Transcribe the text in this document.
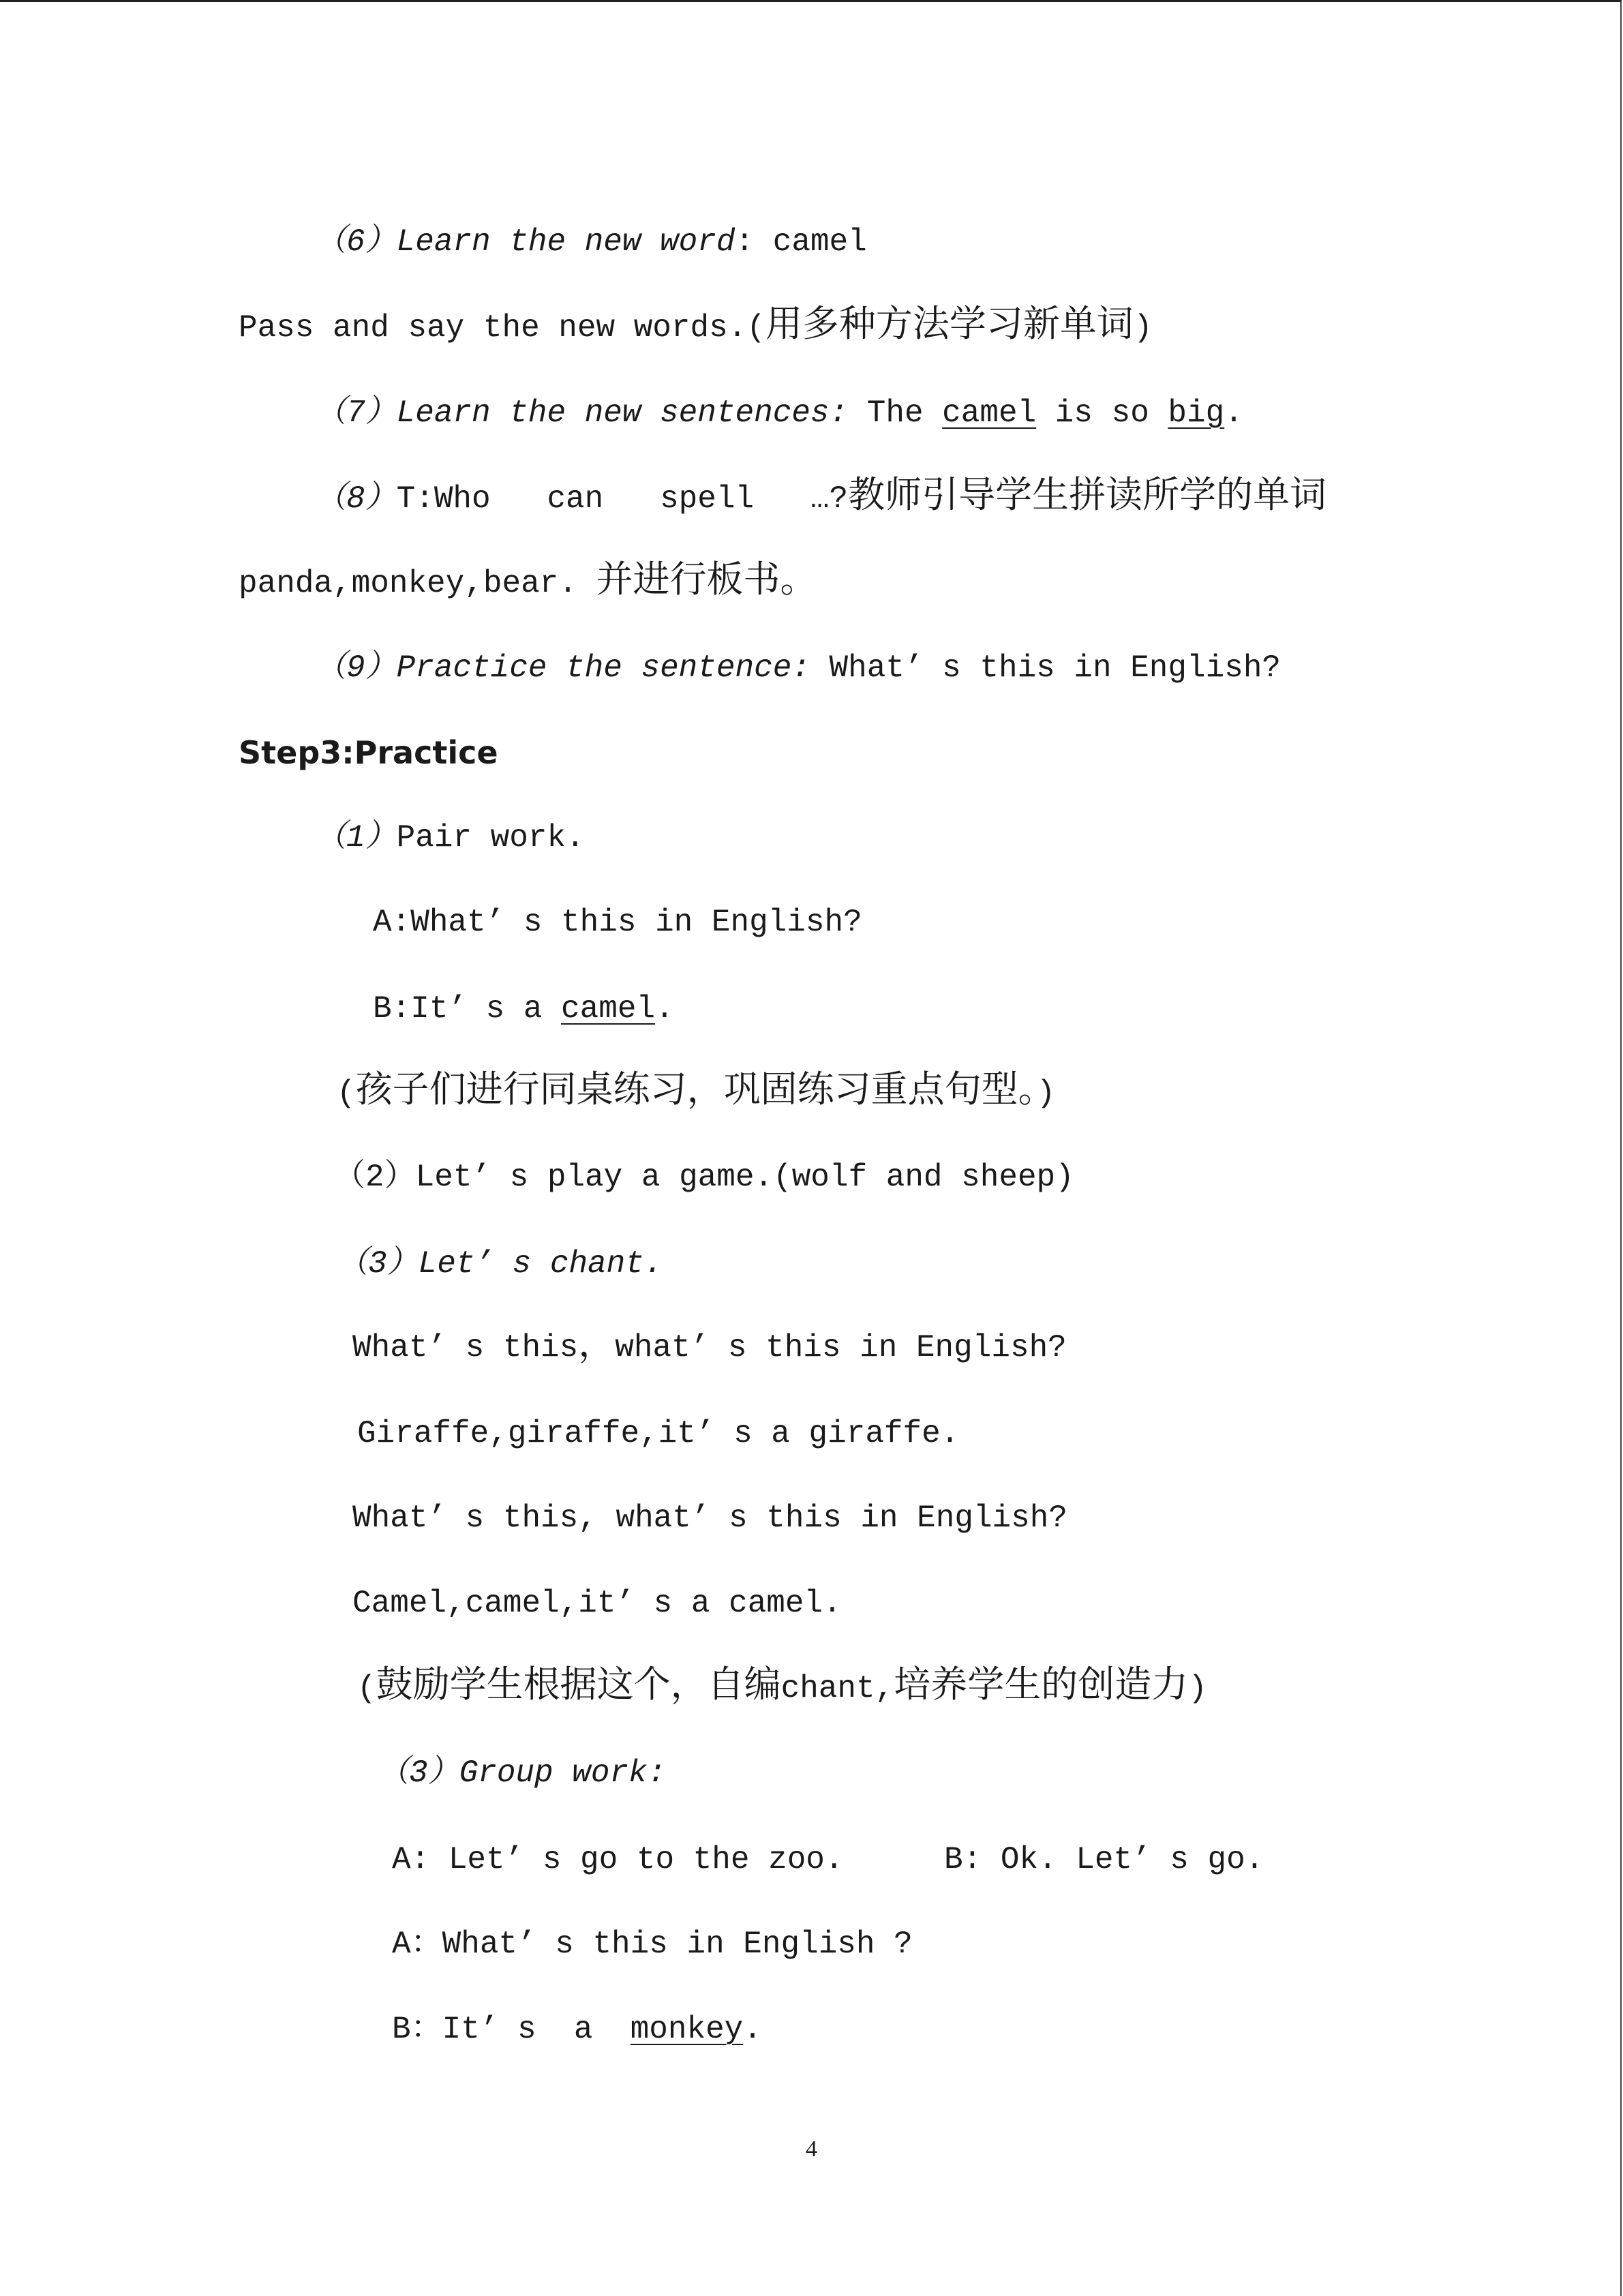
（6）Learn the new word: camel
Pass and say the new words.(用多种方法学习新单词)
（7）Learn the new sentences: The camel is so big.
（8）T:Who   can   spell   …?教师引导学生拼读所学的单词
panda,monkey,bear. 并进行板书。
（9）Practice the sentence: What’ s this in English?
Step3:Practice
（1）Pair work.
A:What’ s this in English?
B:It’ s a camel.
(孩子们进行同桌练习，巩固练习重点句型。)
（2）Let’ s play a game.(wolf and sheep)
（3）Let’ s chant.
What’ s this，what’ s this in English?
Giraffe,giraffe,it’ s a giraffe.
What’ s this, what’ s this in English?
Camel,camel,it’ s a camel.
(鼓励学生根据这个，自编chant,培养学生的创造力)
（3）Group work:
A: Let’ s go to the zoo.	B: Ok. Let’ s go.
A：What’ s this in English ?
B：It’ s  a  monkey.
4
